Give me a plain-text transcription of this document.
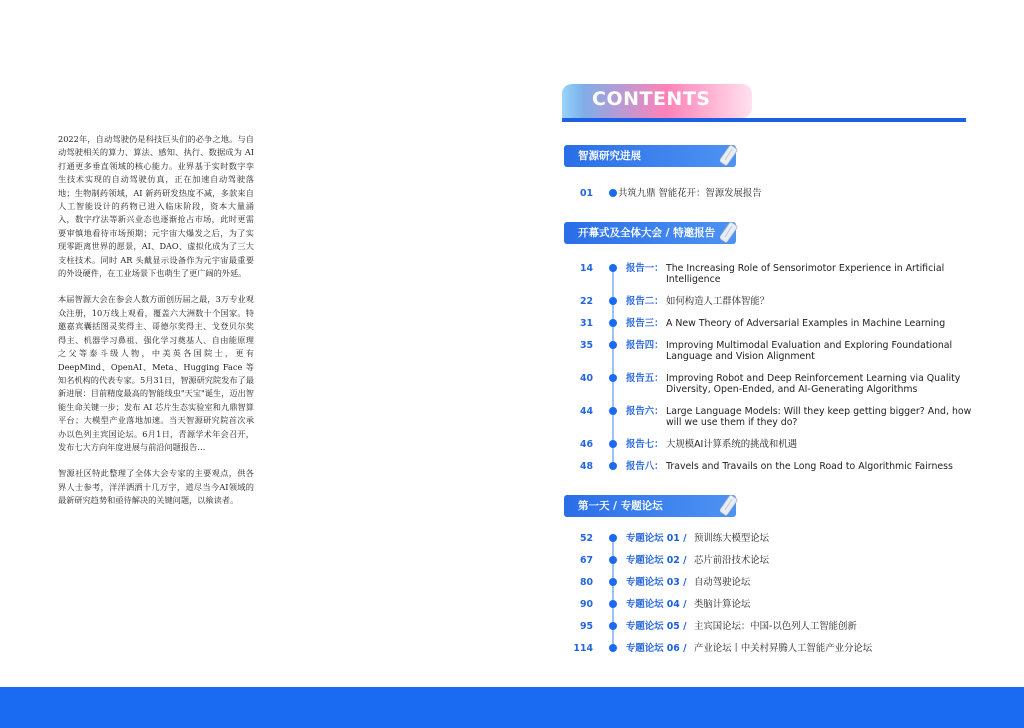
2022年，自动驾驶仍是科技巨头们的必争之地。与自动驾驶相关的算力、算法、感知、执行、数据成为 AI 打通更多垂直领域的核心能力。业界基于实时数字孪生技术实现的自动驾驶仿真，正在加速自动驾驶落地；生物制药领域，AI 新药研发热度不减，多款来自人工智能设计的药物已进入临床阶段，资本大量涌入，数字疗法等新兴业态也逐渐抢占市场，此时更需要审慎地看待市场预期；元宇宙大爆发之后，为了实现零距离世界的愿景，AI、DAO、虚拟化成为了三大支柱技术。同时 AR 头戴显示设备作为元宇宙最重要的外设硬件，在工业场景下也萌生了更广阔的外延。

本届智源大会在参会人数方面创历届之最，3万专业观众注册，10万线上观看，覆盖六大洲数十个国家。特邀嘉宾囊括图灵奖得主、哥德尔奖得主、戈登贝尔奖得主、机器学习鼻祖、强化学习奠基人、自由能原理之父等泰斗级人物，中美英各国院士，更有 DeepMind、OpenAI、Meta、Hugging Face 等知名机构的代表专家。5月31日，智源研究院发布了最新进展：目前精度最高的智能线虫"天宝"诞生，迈出智能生命关键一步；发布 AI 芯片生态实验室和九鼎智算平台；大模型产业落地加速。当天智源研究院首次承办以色列主宾国论坛。6月1日，青源学术年会召开，发布七大方向年度进展与前沿问题报告…

智源社区特此整理了全体大会专家的主要观点，供各界人士参考，洋洋洒洒十几万字，道尽当今AI领域的最新研究趋势和亟待解决的关键问题，以飨读者。

CONTENTS
智源研究进展
01	共筑九鼎 智能花开：智源发展报告
开幕式及全体大会 / 特邀报告
14	报告一： The Increasing Role of Sensorimotor Experience in Artificial Intelligence
22	报告二： 如何构造人工群体智能？
31	报告三： A New Theory of Adversarial Examples in Machine Learning
35	报告四： Improving Multimodal Evaluation and Exploring Foundational Language and Vision Alignment
40	报告五： Improving Robot and Deep Reinforcement Learning via Quality Diversity, Open-Ended, and AI-Generating Algorithms
44	报告六： Large Language Models: Will they keep getting bigger? And, how will we use them if they do?
46	报告七： 大规模AI计算系统的挑战和机遇
48	报告八： Travels and Travails on the Long Road to Algorithmic Fairness
第一天 / 专题论坛
52	专题论坛 01 / 预训练大模型论坛
67	专题论坛 02 / 芯片前沿技术论坛
80	专题论坛 03 / 自动驾驶论坛
90	专题论坛 04 / 类脑计算论坛
95	专题论坛 05 / 主宾国论坛：中国-以色列人工智能创新
114	专题论坛 06 / 产业论坛丨中关村昇腾人工智能产业分论坛
